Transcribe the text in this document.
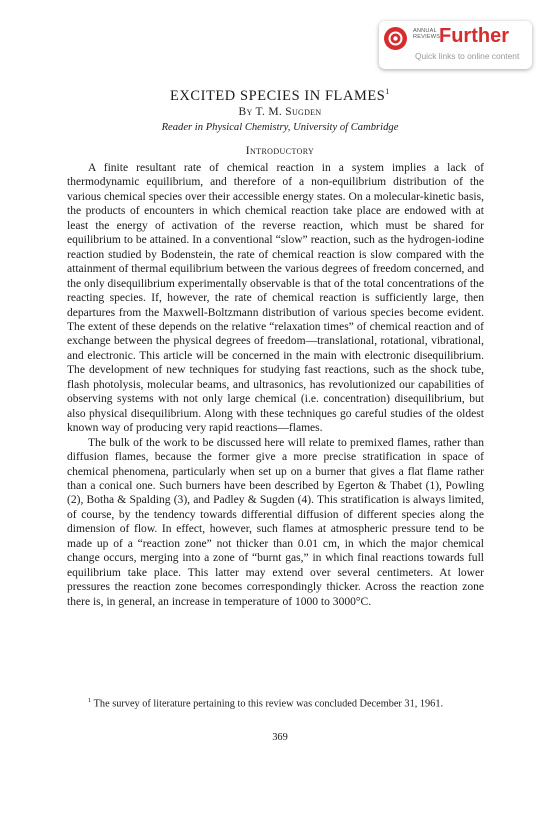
ANNUAL
REVIEWS
Further
Quick links to online content
EXCITED SPECIES IN FLAMES$^1$
By T. M. Sugden
Reader in Physical Chemistry, University of Cambridge
Introductory

A finite resultant rate of chemical reaction in a system implies a lack of thermodynamic equilibrium, and therefore of a non-equilibrium distribution of the various chemical species over their accessible energy states. On a molecular-kinetic basis, the products of encounters in which chemical reaction take place are endowed with at least the energy of activation of the reverse reaction, which must be shared for equilibrium to be attained. In a conventional “slow” reaction, such as the hydrogen-iodine reaction studied by Bodenstein, the rate of chemical reaction is slow compared with the attainment of thermal equilibrium between the various degrees of freedom concerned, and the only disequilibrium experimentally observable is that of the total concentrations of the reacting species. If, however, the rate of chemical reaction is sufficiently large, then departures from the Maxwell-Boltzmann distribution of various species become evident. The extent of these depends on the relative “relaxation times” of chemical reaction and of exchange between the physical degrees of freedom—translational, rotational, vibrational, and electronic. This article will be concerned in the main with electronic disequilibrium. The development of new techniques for studying fast reactions, such as the shock tube, flash photolysis, molecular beams, and ultrasonics, has revolutionized our capabilities of observing systems with not only large chemical (i.e. concentration) disequilibrium, but also physical disequilibrium. Along with these techniques go careful studies of the oldest known way of producing very rapid reactions—flames.

The bulk of the work to be discussed here will relate to premixed flames, rather than diffusion flames, because the former give a more precise stratification in space of chemical phenomena, particularly when set up on a burner that gives a flat flame rather than a conical one. Such burners have been described by Egerton & Thabet (1), Powling (2), Botha & Spalding (3), and Padley & Sugden (4). This stratification is always limited, of course, by the tendency towards differential diffusion of different species along the dimension of flow. In effect, however, such flames at atmospheric pressure tend to be made up of a “reaction zone” not thicker than 0.01 cm, in which the major chemical change occurs, merging into a zone of “burnt gas,” in which final reactions towards full equilibrium take place. This latter may extend over several centimeters. At lower pressures the reaction zone becomes correspondingly thicker. Across the reaction zone there is, in general, an increase in temperature of 1000 to 3000°C.

$^1$ The survey of literature pertaining to this review was concluded December 31, 1961.
369
